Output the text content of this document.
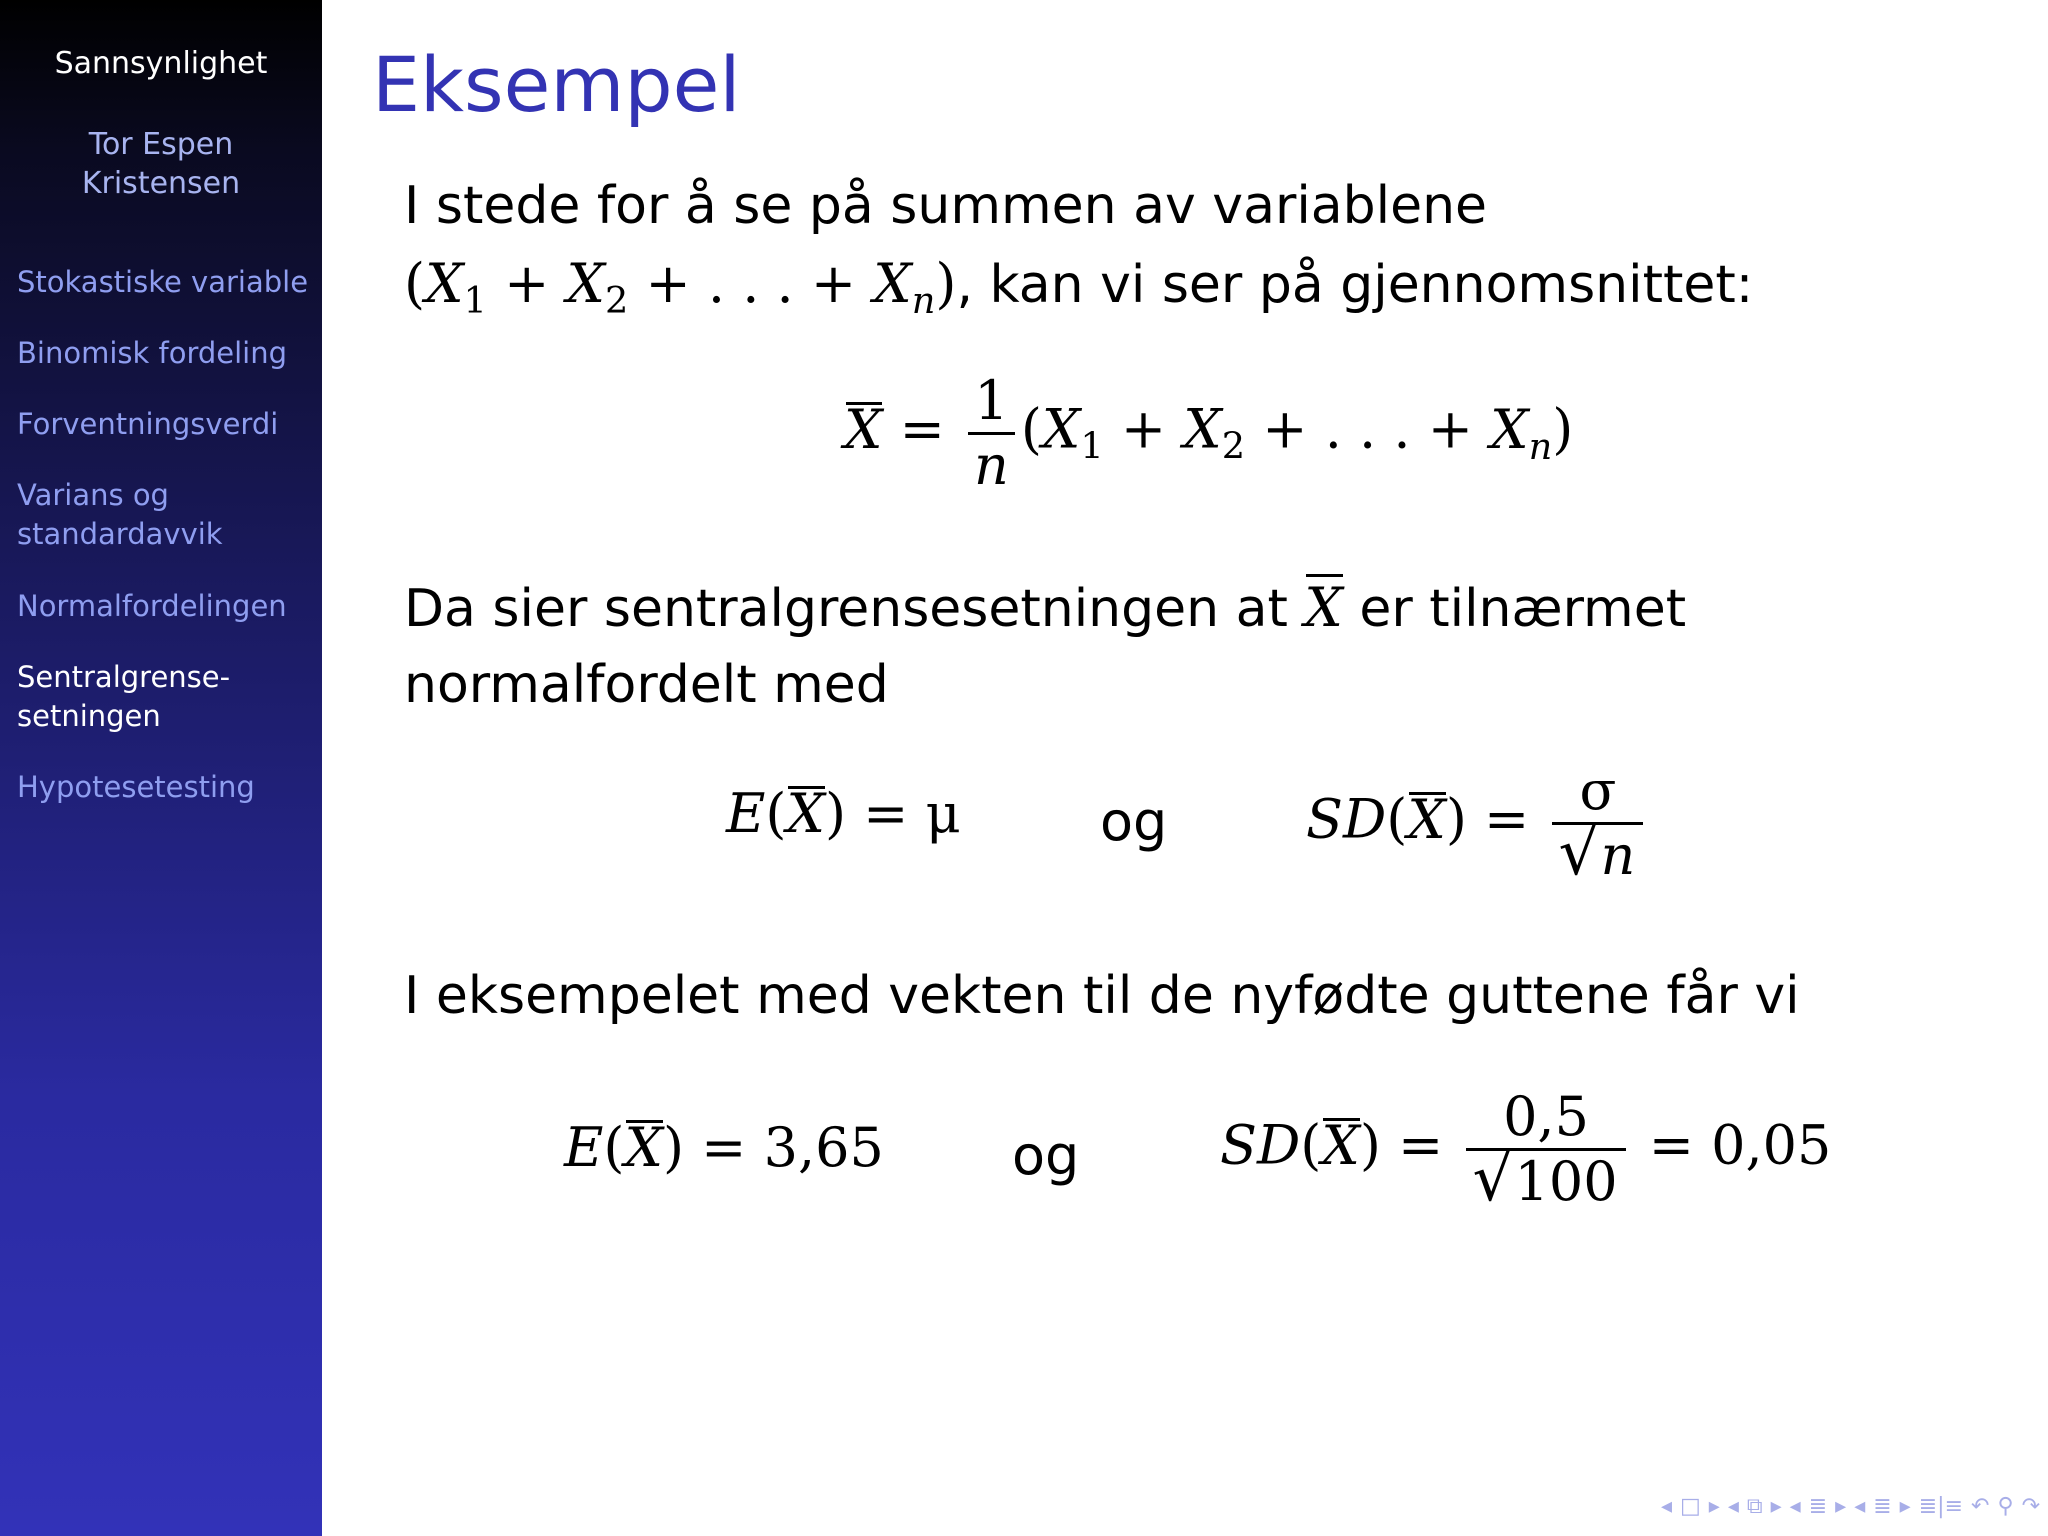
Sannsynlighet
Tor Espen
Kristensen
Stokastiske variable
Binomisk fordeling
Forventningsverdi
Varians og
standardavvik
Normalfordelingen
Sentralgrense-
setningen
Hypotesetesting
Eksempel
I stede for å se på summen av variablene
($X_1 + X_2$ + . . . + $X_n$), kan vi ser på gjennomsnittet:
$X = \frac{1}{n} (X_1 + X_2$ + . . . + $X_n$)
Da sier sentralgrensesetningen at X er tilnærmet
normalfordelt med
E(X) = μ	og	$SD(X) = \frac{\sigma}{√ n}$
I eksempelet med vekten til de nyfødte guttene får vi
E(X) = 3,65 og	$SD(X) = \frac{0,5}{√ 100} = 0,05$
◂ □ ▸ ◂ ⧉ ▸ ◂ ≣ ▸ ◂ ≣ ▸ ≣|≡ ↶ ⚲ ↷
